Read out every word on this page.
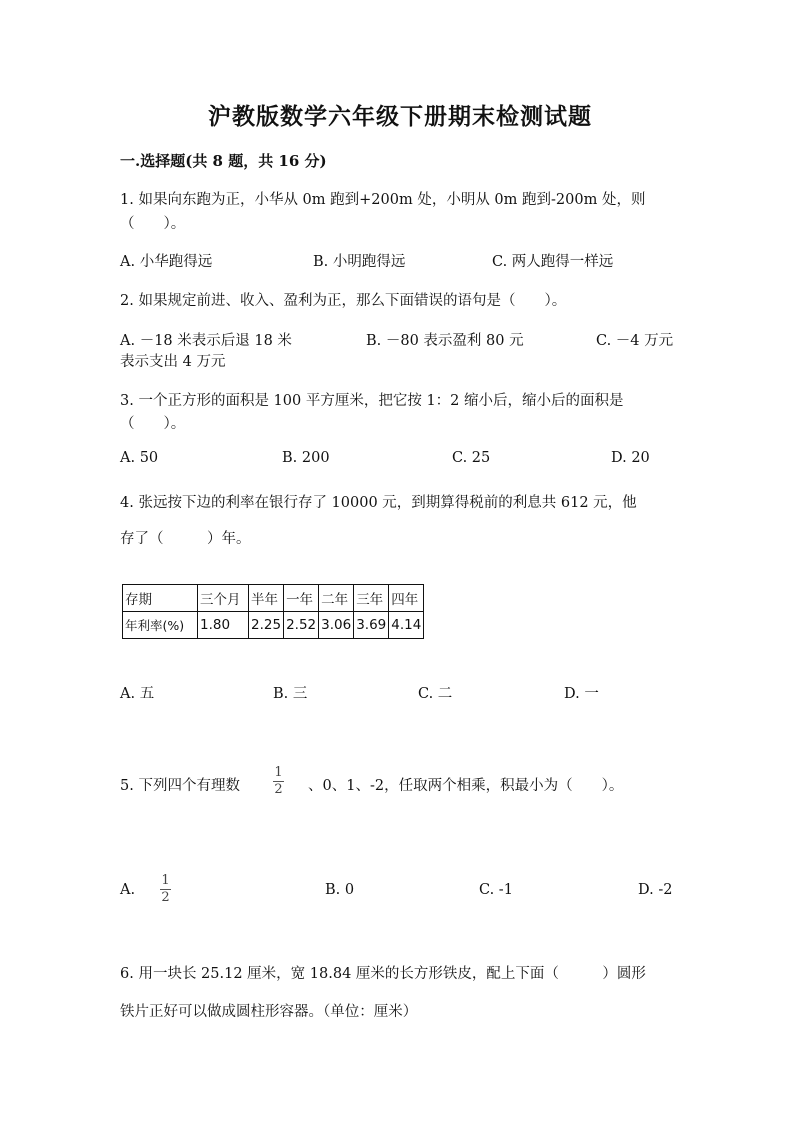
沪教版数学六年级下册期末检测试题
一.选择题(共 8 题，共 16 分)
1. 如果向东跑为正，小华从 0m 跑到+200m 处，小明从 0m 跑到-200m 处，则
（　　）。
A. 小华跑得远	B. 小明跑得远	C. 两人跑得一样远
2. 如果规定前进、收入、盈利为正，那么下面错误的语句是（　　）。
A. －18 米表示后退 18 米	B. －80 表示盈利 80 元	C. －4 万元
表示支出 4 万元
3. 一个正方形的面积是 100 平方厘米，把它按 1：2 缩小后，缩小后的面积是
（　　）。
A. 50	B. 200	C. 25	D. 20
4. 张远按下边的利率在银行存了 10000 元，到期算得税前的利息共 612 元，他
存了（　　　）年。
存期	三个月	半年	一年	二年	三年	四年
年利率(%)	1.80	2.25	2.52	3.06	3.69	4.14
A. 五	B. 三	C. 二	D. 一
5. 下列四个有理数
1
2 、0、1、-2，任取两个相乘，积最小为（　　）。
A.
1
2	B. 0	C. -1	D. -2
6. 用一块长 25.12 厘米，宽 18.84 厘米的长方形铁皮，配上下面（　　　）圆形
铁片正好可以做成圆柱形容器。（单位：厘米）
